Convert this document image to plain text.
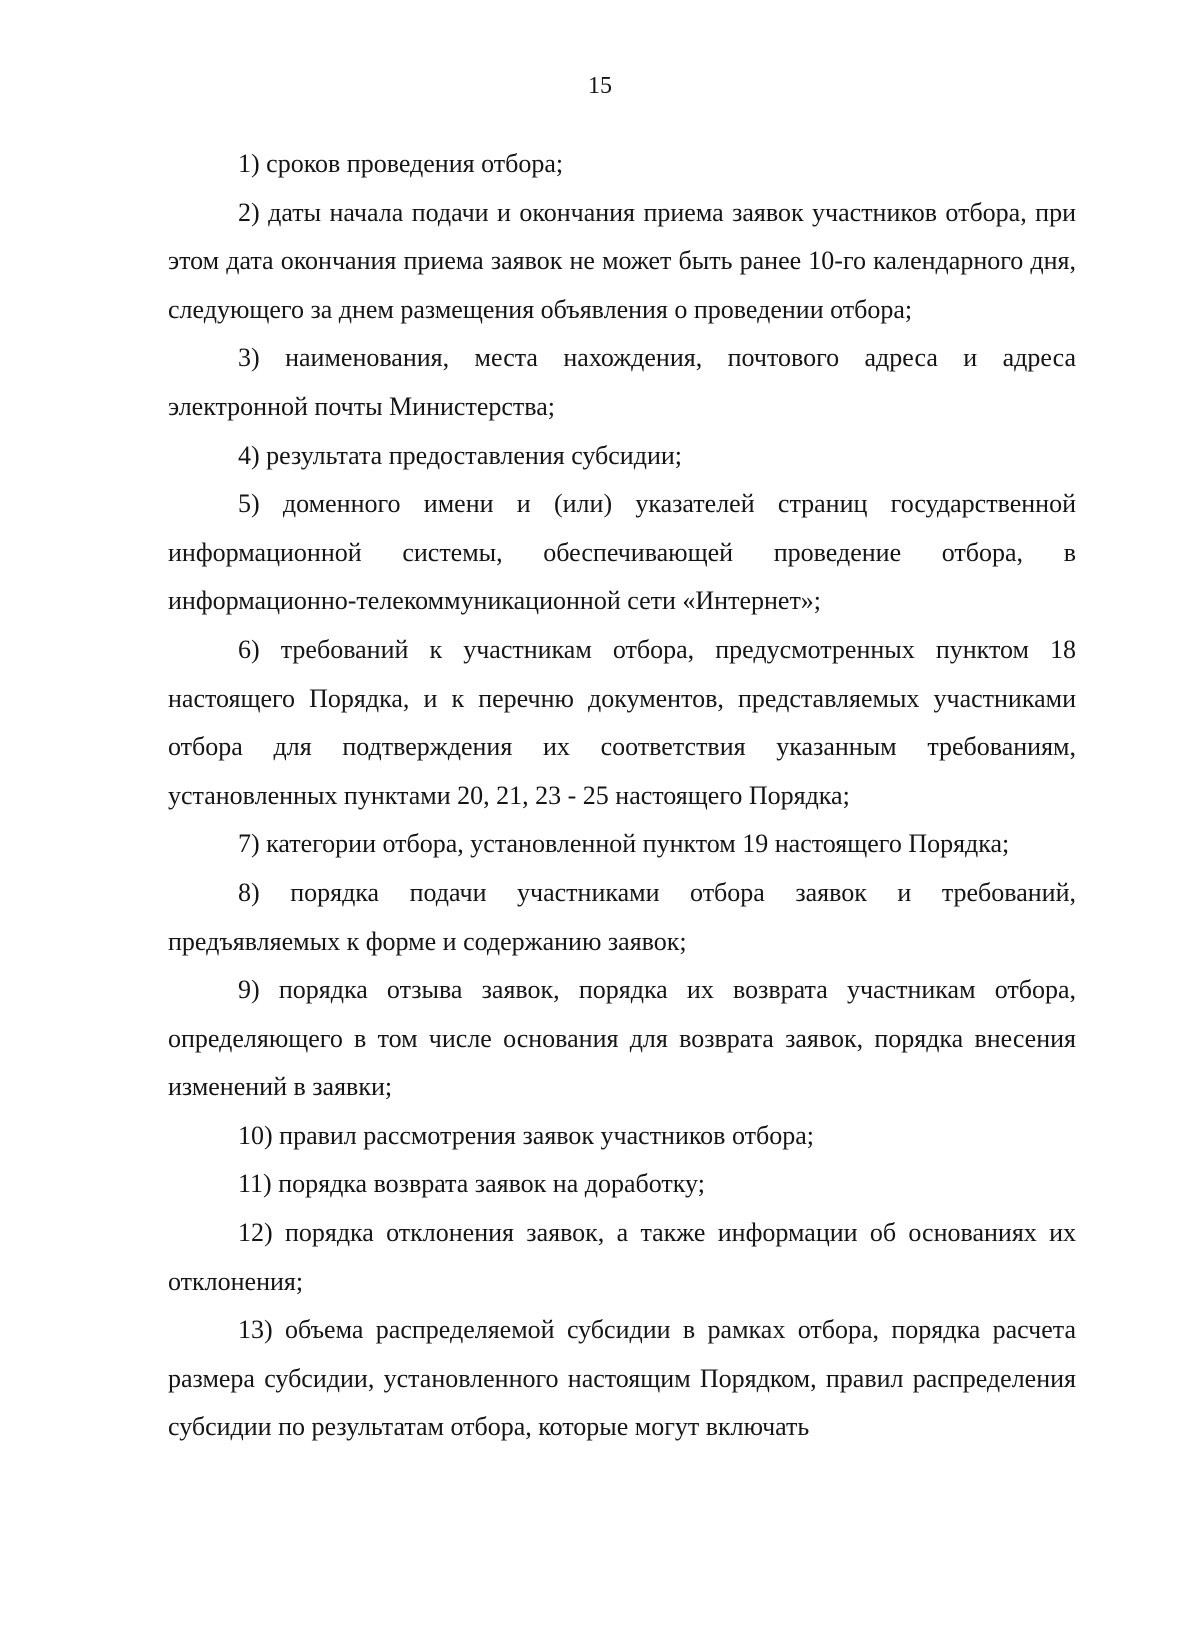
15

1) сроков проведения отбора;

2) даты начала подачи и окончания приема заявок участников отбора, при этом дата окончания приема заявок не может быть ранее 10-го календарного дня, следующего за днем размещения объявления о проведении отбора;

3) наименования, места нахождения, почтового адреса и адреса электронной почты Министерства;

4) результата предоставления субсидии;

5) доменного имени и (или) указателей страниц государственной информационной системы, обеспечивающей проведение отбора, в информационно-телекоммуникационной сети «Интернет»;

6) требований к участникам отбора, предусмотренных пунктом 18 настоящего Порядка, и к перечню документов, представляемых участниками отбора для подтверждения их соответствия указанным требованиям, установленных пунктами 20, 21, 23 - 25 настоящего Порядка;

7) категории отбора, установленной пунктом 19 настоящего Порядка;

8) порядка подачи участниками отбора заявок и требований, предъявляемых к форме и содержанию заявок;

9) порядка отзыва заявок, порядка их возврата участникам отбора, определяющего в том числе основания для возврата заявок, порядка внесения изменений в заявки;

10) правил рассмотрения заявок участников отбора;

11) порядка возврата заявок на доработку;

12) порядка отклонения заявок, а также информации об основаниях их отклонения;

13) объема распределяемой субсидии в рамках отбора, порядка расчета размера субсидии, установленного настоящим Порядком, правил распределения субсидии по результатам отбора, которые могут включать
